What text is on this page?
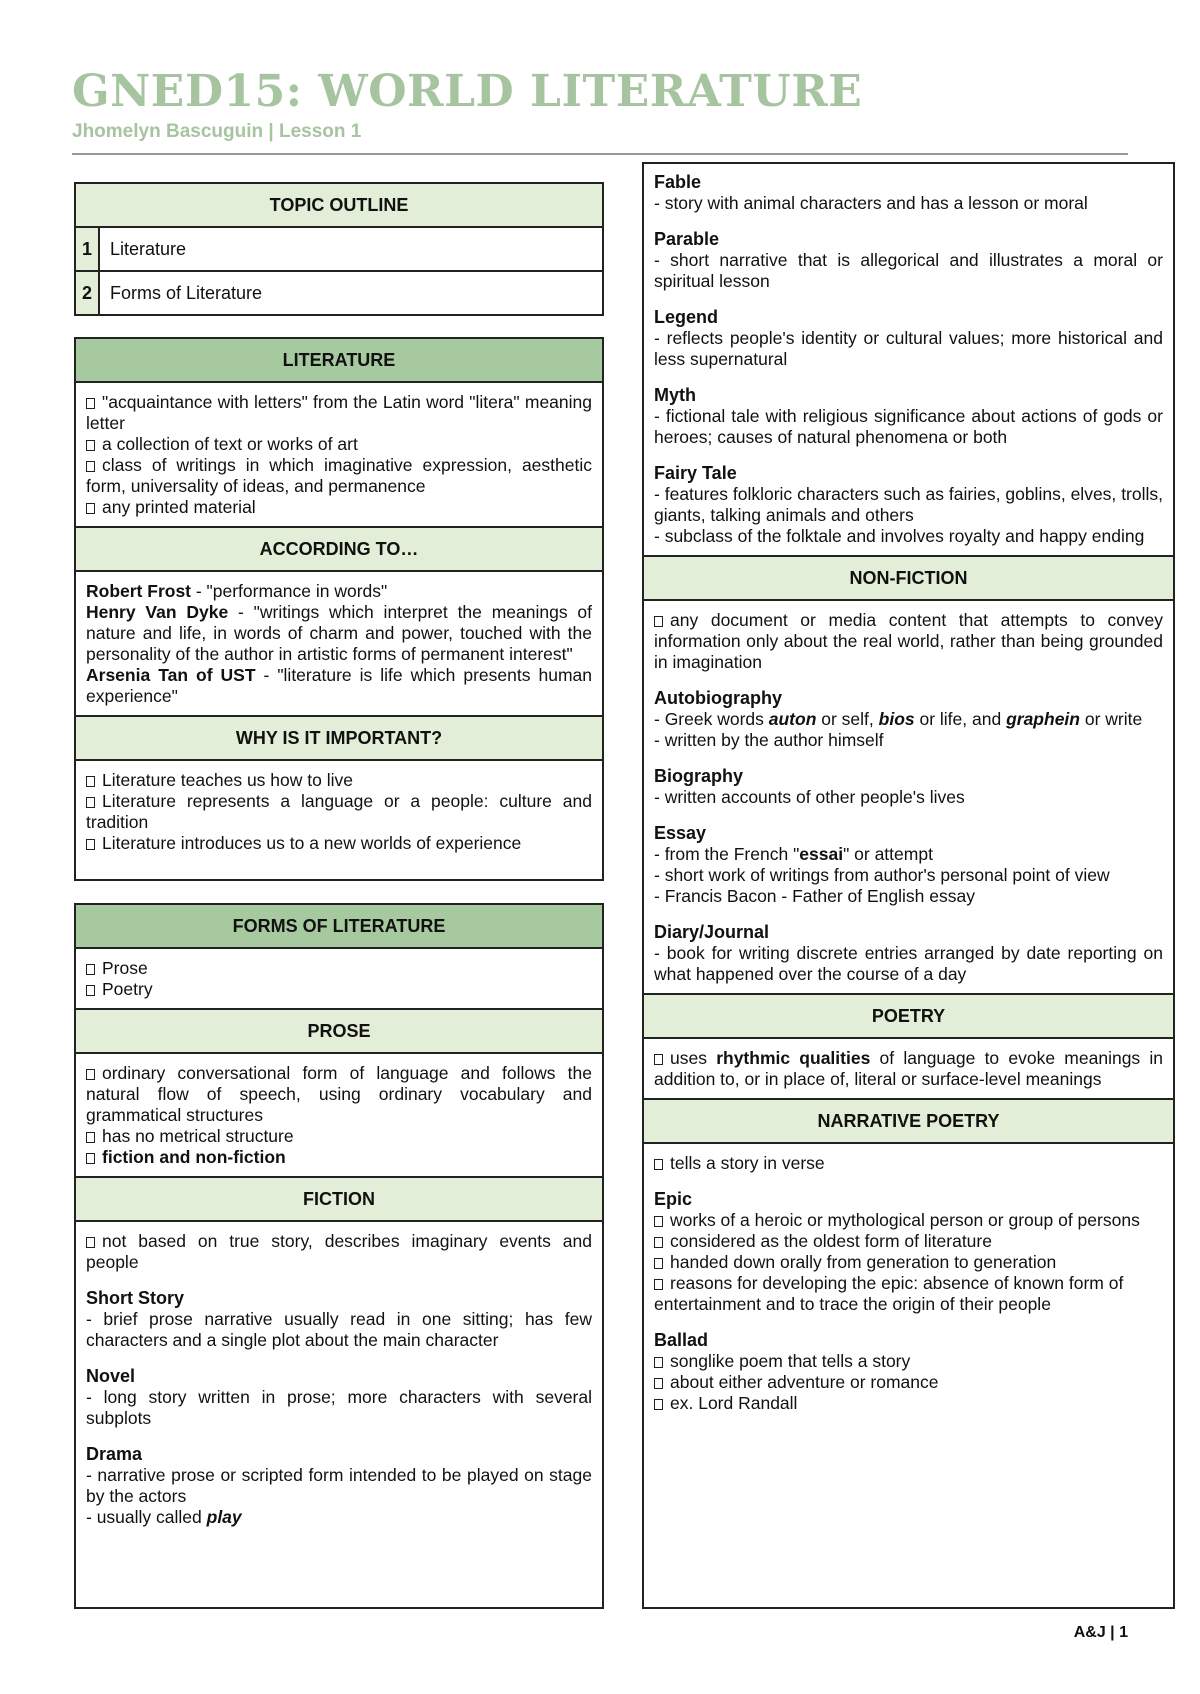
GNED15: WORLD LITERATURE
Jhomelyn Bascuguin | Lesson 1
TOPIC OUTLINE
1	Literature
2	Forms of Literature
LITERATURE

"acquaintance with letters" from the Latin word "litera" meaning letter

a collection of text or works of art

class of writings in which imaginative expression, aesthetic form, universality of ideas, and permanence

any printed material

ACCORDING TO…

Robert Frost - "performance in words"

Henry Van Dyke - "writings which interpret the meanings of nature and life, in words of charm and power, touched with the personality of the author in artistic forms of permanent interest"

Arsenia Tan of UST - "literature is life which presents human experience"

WHY IS IT IMPORTANT?

Literature teaches us how to live

Literature represents a language or a people: culture and tradition

Literature introduces us to a new worlds of experience

FORMS OF LITERATURE

Prose

Poetry

PROSE

ordinary conversational form of language and follows the natural flow of speech, using ordinary vocabulary and grammatical structures

has no metrical structure

fiction and non-fiction

FICTION

not based on true story, describes imaginary events and people

Short Story

- brief prose narrative usually read in one sitting; has few characters and a single plot about the main character

Novel

- long story written in prose; more characters with several subplots

Drama

- narrative prose or scripted form intended to be played on stage by the actors

- usually called play

Fable

- story with animal characters and has a lesson or moral

Parable

- short narrative that is allegorical and illustrates a moral or spiritual lesson

Legend

- reflects people's identity or cultural values; more historical and less supernatural

Myth

- fictional tale with religious significance about actions of gods or heroes; causes of natural phenomena or both

Fairy Tale

- features folkloric characters such as fairies, goblins, elves, trolls, giants, talking animals and others

- subclass of the folktale and involves royalty and happy ending

NON-FICTION

any document or media content that attempts to convey information only about the real world, rather than being grounded in imagination

Autobiography

- Greek words auton or self, bios or life, and graphein or write

- written by the author himself

Biography

- written accounts of other people's lives

Essay

- from the French "essai" or attempt

- short work of writings from author's personal point of view

- Francis Bacon - Father of English essay

Diary/Journal

- book for writing discrete entries arranged by date reporting on what happened over the course of a day

POETRY

uses rhythmic qualities of language to evoke meanings in addition to, or in place of, literal or surface-level meanings

NARRATIVE POETRY

tells a story in verse

Epic

works of a heroic or mythological person or group of persons

considered as the oldest form of literature

handed down orally from generation to generation

reasons for developing the epic: absence of known form of entertainment and to trace the origin of their people

Ballad

songlike poem that tells a story

about either adventure or romance

ex. Lord Randall

A&J | 1
